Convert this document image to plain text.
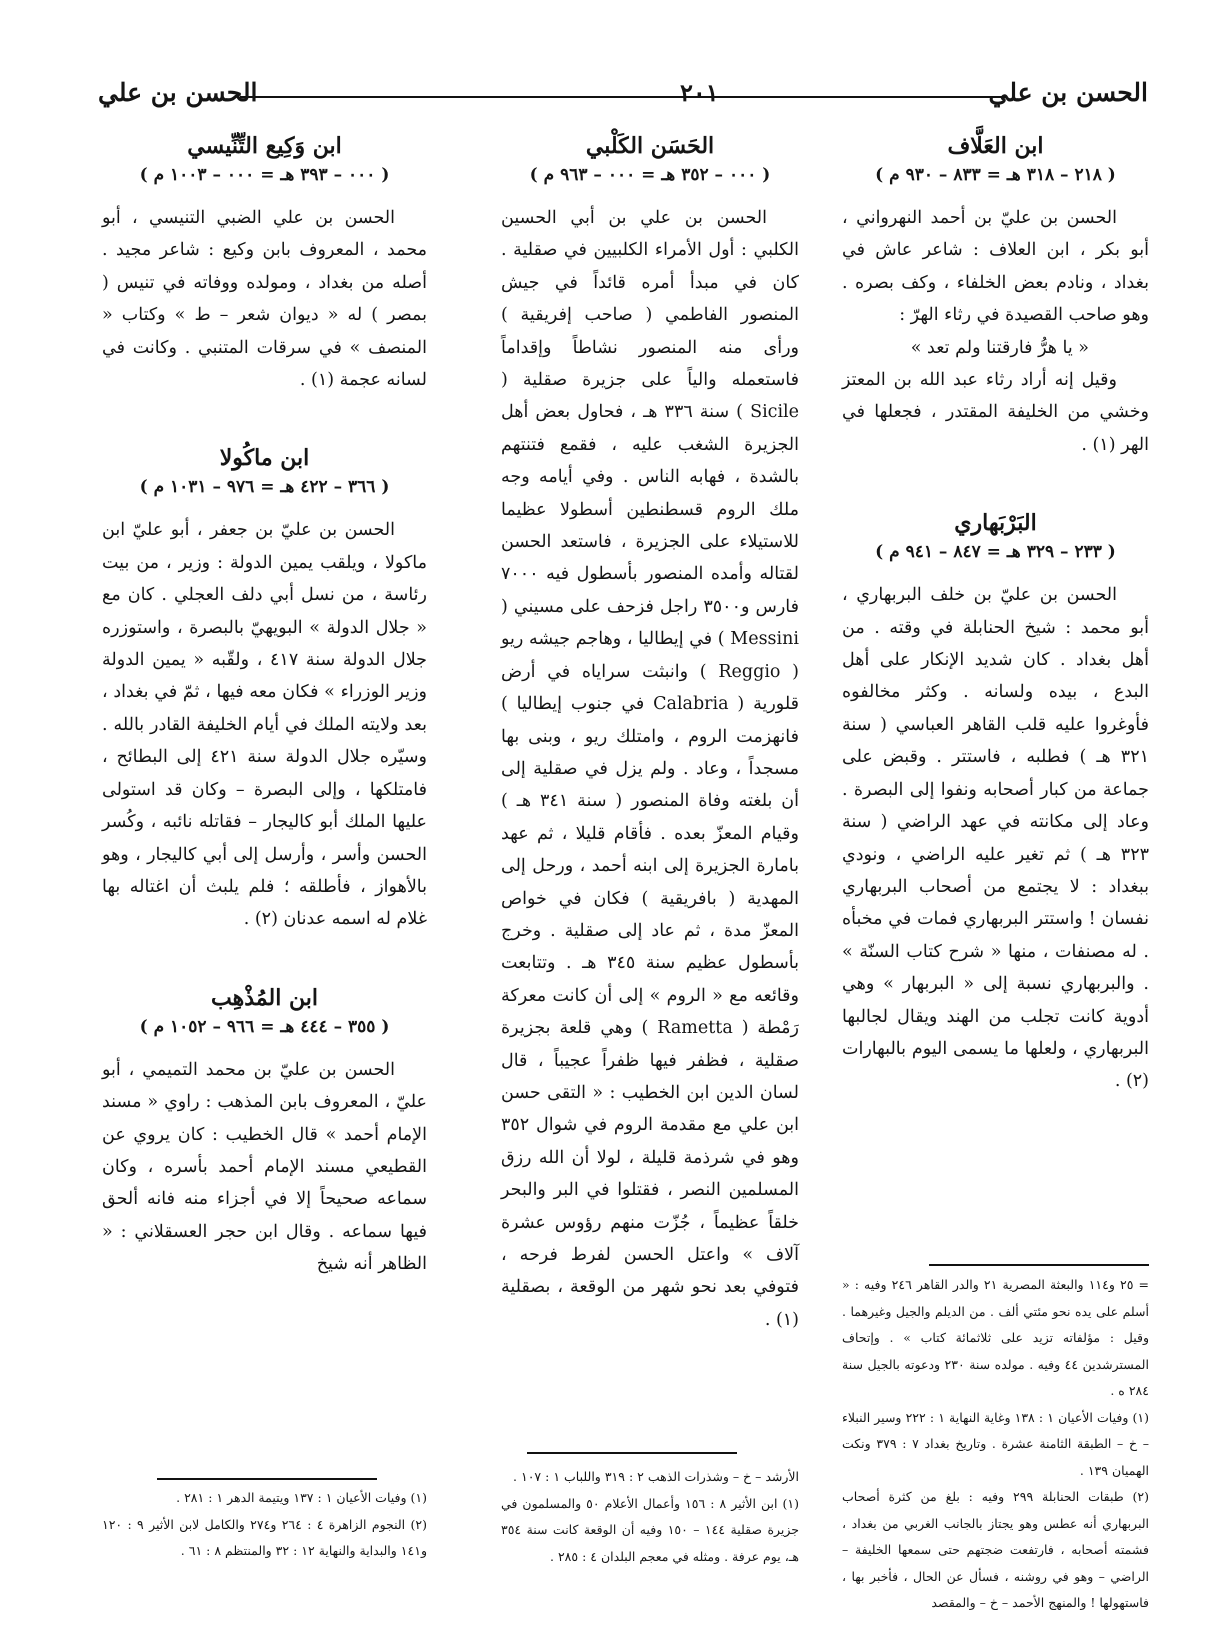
الحسن بن علي
٢٠١
الحسن بن علي
ابن العَلَّاف
( ٢١٨ – ٣١٨ هـ = ٨٣٣ – ٩٣٠ م )

الحسن بن عليّ بن أحمد النهرواني ، أبو بكر ، ابن العلاف : شاعر عاش في بغداد ، ونادم بعض الخلفاء ، وكف بصره . وهو صاحب القصيدة في رثاء الهرّ :

« يا هرُّ فارقتنا ولم تعد »

وقيل إنه أراد رثاء عبد الله بن المعتز وخشي من الخليفة المقتدر ، فجعلها في الهر (١) .

البَرْبَهاري
( ٢٣٣ – ٣٢٩ هـ = ٨٤٧ – ٩٤١ م )

الحسن بن عليّ بن خلف البربهاري ، أبو محمد : شيخ الحنابلة في وقته . من أهل بغداد . كان شديد الإنكار على أهل البدع ، بيده ولسانه . وكثر مخالفوه فأوغروا عليه قلب القاهر العباسي ( سنة ٣٢١ هـ ) فطلبه ، فاستتر . وقبض على جماعة من كبار أصحابه ونفوا إلى البصرة . وعاد إلى مكانته في عهد الراضي ( سنة ٣٢٣ هـ ) ثم تغير عليه الراضي ، ونودي ببغداد : لا يجتمع من أصحاب البربهاري نفسان ! واستتر البربهاري فمات في مخبأه . له مصنفات ، منها « شرح كتاب السنّة » . والبربهاري نسبة إلى « البربهار » وهي أدوية كانت تجلب من الهند ويقال لجالبها البربهاري ، ولعلها ما يسمى اليوم بالبهارات (٢) .

الحَسَن الكَلْبي
( ٠٠٠ – ٣٥٢ هـ = ٠٠٠ – ٩٦٣ م )

الحسن بن علي بن أبي الحسين الكلبي : أول الأمراء الكلبيين في صقلية . كان في مبدأ أمره قائداً في جيش المنصور الفاطمي ( صاحب إفريقية ) ورأى منه المنصور نشاطاً وإقداماً فاستعمله والياً على جزيرة صقلية ( Sicile ) سنة ٣٣٦ هـ ، فحاول بعض أهل الجزيرة الشغب عليه ، فقمع فتنتهم بالشدة ، فهابه الناس . وفي أيامه وجه ملك الروم قسطنطين أسطولا عظيما للاستيلاء على الجزيرة ، فاستعد الحسن لقتاله وأمده المنصور بأسطول فيه ٧٠٠٠ فارس و٣٥٠٠ راجل فزحف على مسيني ( Messini ) في إيطاليا ، وهاجم جيشه ريو ( Reggio ) وانبثت سراياه في أرض قلورية ( Calabria في جنوب إيطاليا ) فانهزمت الروم ، وامتلك ريو ، وبنى بها مسجداً ، وعاد . ولم يزل في صقلية إلى أن بلغته وفاة المنصور ( سنة ٣٤١ هـ ) وقيام المعزّ بعده . فأقام قليلا ، ثم عهد بامارة الجزيرة إلى ابنه أحمد ، ورحل إلى المهدية ( بافريقية ) فكان في خواص المعزّ مدة ، ثم عاد إلى صقلية . وخرج بأسطول عظيم سنة ٣٤٥ هـ . وتتابعت وقائعه مع « الروم » إلى أن كانت معركة رَمْطة ( Rametta ) وهي قلعة بجزيرة صقلية ، فظفر فيها ظفراً عجيباً ، قال لسان الدين ابن الخطيب : « التقى حسن ابن علي مع مقدمة الروم في شوال ٣٥٢ وهو في شرذمة قليلة ، لولا أن الله رزق المسلمين النصر ، فقتلوا في البر والبحر خلقاً عظيماً ، جُزّت منهم رؤوس عشرة آلاف » واعتل الحسن لفرط فرحه ، فتوفي بعد نحو شهر من الوقعة ، بصقلية (١) .

ابن وَكِيع التِّنِّيسي
( ٠٠٠ – ٣٩٣ هـ = ٠٠٠ – ١٠٠٣ م )

الحسن بن علي الضبي التنيسي ، أبو محمد ، المعروف بابن وكيع : شاعر مجيد . أصله من بغداد ، ومولده ووفاته في تنيس ( بمصر ) له « ديوان شعر – ط » وكتاب « المنصف » في سرقات المتنبي . وكانت في لسانه عجمة (١) .

ابن ماكُولا
( ٣٦٦ – ٤٢٢ هـ = ٩٧٦ – ١٠٣١ م )

الحسن بن عليّ بن جعفر ، أبو عليّ ابن ماكولا ، ويلقب يمين الدولة : وزير ، من بيت رئاسة ، من نسل أبي دلف العجلي . كان مع « جلال الدولة » البويهيّ بالبصرة ، واستوزره جلال الدولة سنة ٤١٧ ، ولقّبه « يمين الدولة وزير الوزراء » فكان معه فيها ، ثمّ في بغداد ، بعد ولايته الملك في أيام الخليفة القادر بالله . وسيّره جلال الدولة سنة ٤٢١ إلى البطائح ، فامتلكها ، وإلى البصرة – وكان قد استولى عليها الملك أبو كاليجار – فقاتله نائبه ، وكُسر الحسن وأسر ، وأرسل إلى أبي كاليجار ، وهو بالأهواز ، فأطلقه ؛ فلم يلبث أن اغتاله بها غلام له اسمه عدنان (٢) .

ابن المُذْهِب
( ٣٥٥ – ٤٤٤ هـ = ٩٦٦ – ١٠٥٢ م )

الحسن بن عليّ بن محمد التميمي ، أبو عليّ ، المعروف بابن المذهب : راوي « مسند الإمام أحمد » قال الخطيب : كان يروي عن القطيعي مسند الإمام أحمد بأسره ، وكان سماعه صحيحاً إلا في أجزاء منه فانه ألحق فيها سماعه . وقال ابن حجر العسقلاني : « الظاهر أنه شيخ

= ٢٥ و١١٤ والبعثة المصرية ٢١ والدر القاهر ٢٤٦ وفيه : « أسلم على يده نحو مئتي ألف . من الديلم والجيل وغيرهما . وقيل : مؤلفاته تزيد على ثلاثمائة كتاب » . وإتحاف المسترشدين ٤٤ وفيه . مولده سنة ٢٣٠ ودعوته بالجيل سنة ٢٨٤ ه .

(١) وفيات الأعيان ١ : ١٣٨ وغاية النهاية ١ : ٢٢٢ وسير النبلاء – خ – الطبقة الثامنة عشرة . وتاريخ بغداد ٧ : ٣٧٩ ونكت الهميان ١٣٩ .

(٢) طبقات الحنابلة ٢٩٩ وفيه : بلغ من كثرة أصحاب البربهاري أنه عطس وهو يجتاز بالجانب الغربي من بغداد ، فشمته أصحابه ، فارتفعت ضجتهم حتى سمعها الخليفة – الراضي – وهو في روشنه ، فسأل عن الحال ، فأخبر بها ، فاستهولها ! والمنهج الأحمد – خ – والمقصد

الأرشد – خ – وشذرات الذهب ٢ : ٣١٩ واللباب ١ : ١٠٧ .

(١) ابن الأثير ٨ : ١٥٦ وأعمال الأعلام ٥٠ والمسلمون في جزيرة صقلية ١٤٤ – ١٥٠ وفيه أن الوقعة كانت سنة ٣٥٤ هـ، يوم عرفة . ومثله في معجم البلدان ٤ : ٢٨٥ .

(١) وفيات الأعيان ١ : ١٣٧ ويتيمة الدهر ١ : ٢٨١ .

(٢) النجوم الزاهرة ٤ : ٢٦٤ و٢٧٤ والكامل لابن الأثير ٩ : ١٢٠ و١٤١ والبداية والنهاية ١٢ : ٣٢ والمنتظم ٨ : ٦١ .
